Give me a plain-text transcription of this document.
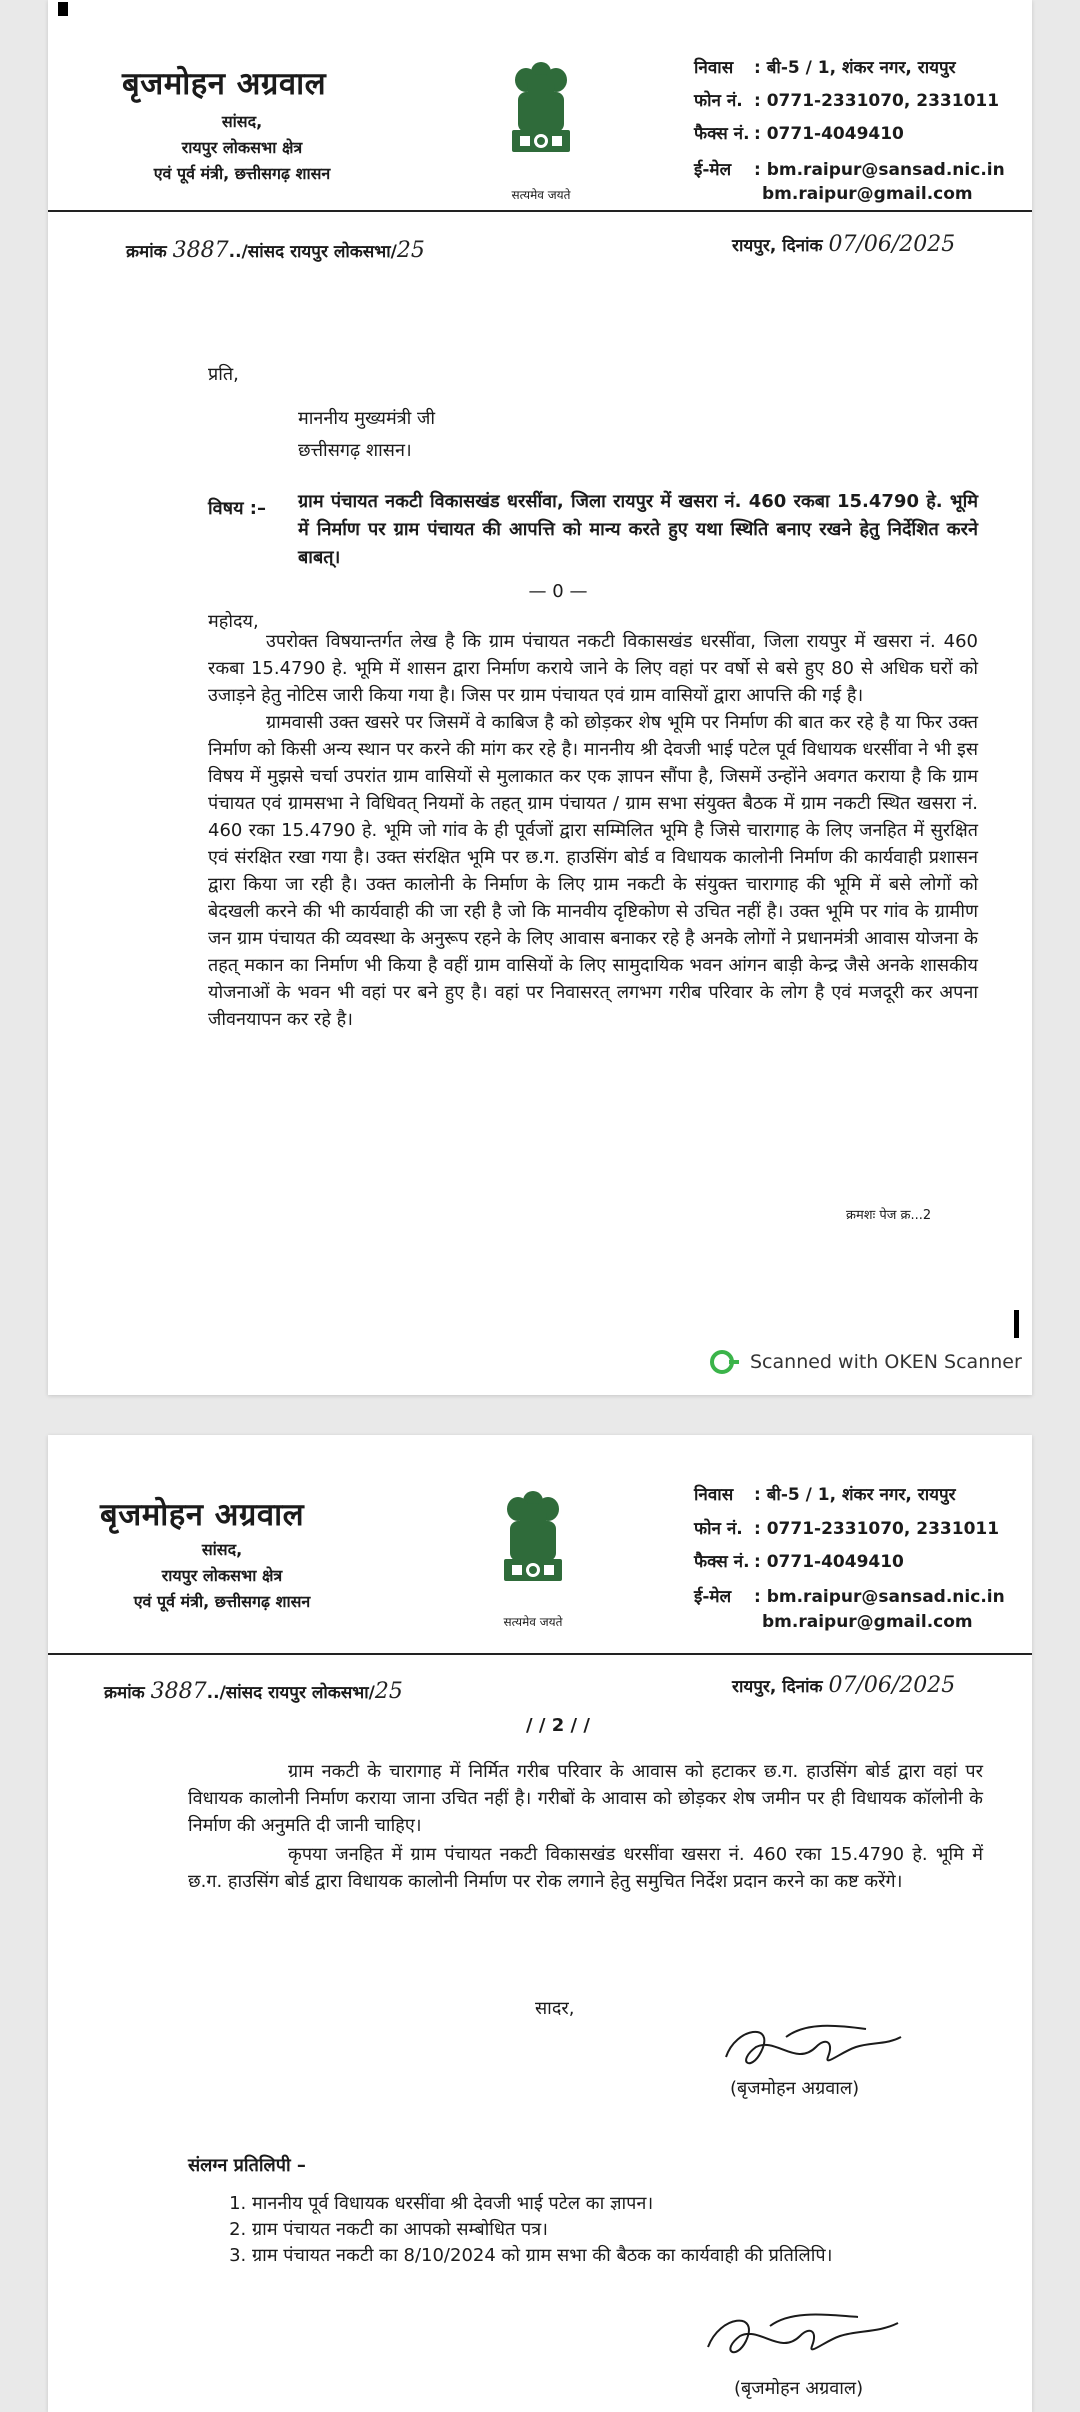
बृजमोहन अग्रवाल
सांसद,
रायपुर लोकसभा क्षेत्र
एवं पूर्व मंत्री, छत्तीसगढ़ शासन
सत्यमेव जयते
निवास : बी-5 / 1, शंकर नगर, रायपुर
फोन नं. : 0771-2331070, 2331011
फैक्स नं. : 0771-4049410
ई-मेल : bm.raipur@sansad.nic.in
bm.raipur@gmail.com
क्रमांक 3887../सांसद रायपुर लोकसभा/25	रायपुर, दिनांक 07/06/2025
प्रति,
माननीय मुख्यमंत्री जी
छत्तीसगढ़ शासन।
विषय :– ग्राम पंचायत नकटी विकासखंड धरसींवा, जिला रायपुर में खसरा नं. 460 रकबा 15.4790 हे. भूमि में निर्माण पर ग्राम पंचायत की आपत्ति को मान्य करते हुए यथा स्थिति बनाए रखने हेतु निर्देशित करने बाबत्।
— 0 —
महोदय,

उपरोक्त विषयान्तर्गत लेख है कि ग्राम पंचायत नकटी विकासखंड धरसींवा, जिला रायपुर में खसरा नं. 460 रकबा 15.4790 हे. भूमि में शासन द्वारा निर्माण कराये जाने के लिए वहां पर वर्षो से बसे हुए 80 से अधिक घरों को उजाड़ने हेतु नोटिस जारी किया गया है। जिस पर ग्राम पंचायत एवं ग्राम वासियों द्वारा आपत्ति की गई है।

ग्रामवासी उक्त खसरे पर जिसमें वे काबिज है को छोड़कर शेष भूमि पर निर्माण की बात कर रहे है या फिर उक्त निर्माण को किसी अन्य स्थान पर करने की मांग कर रहे है। माननीय श्री देवजी भाई पटेल पूर्व विधायक धरसींवा ने भी इस विषय में मुझसे चर्चा उपरांत ग्राम वासियों से मुलाकात कर एक ज्ञापन सौंपा है, जिसमें उन्होंने अवगत कराया है कि ग्राम पंचायत एवं ग्रामसभा ने विधिवत् नियमों के तहत् ग्राम पंचायत / ग्राम सभा संयुक्त बैठक में ग्राम नकटी स्थित खसरा नं. 460 रका 15.4790 हे. भूमि जो गांव के ही पूर्वजों द्वारा सम्मिलित भूमि है जिसे चारागाह के लिए जनहित में सुरक्षित एवं संरक्षित रखा गया है। उक्त संरक्षित भूमि पर छ.ग. हाउसिंग बोर्ड व विधायक कालोनी निर्माण की कार्यवाही प्रशासन द्वारा किया जा रही है। उक्त कालोनी के निर्माण के लिए ग्राम नकटी के संयुक्त चारागाह की भूमि में बसे लोगों को बेदखली करने की भी कार्यवाही की जा रही है जो कि मानवीय दृष्टिकोण से उचित नहीं है। उक्त भूमि पर गांव के ग्रामीण जन ग्राम पंचायत की व्यवस्था के अनुरूप रहने के लिए आवास बनाकर रहे है अनके लोगों ने प्रधानमंत्री आवास योजना के तहत् मकान का निर्माण भी किया है वहीं ग्राम वासियों के लिए सामुदायिक भवन आंगन बाड़ी केन्द्र जैसे अनके शासकीय योजनाओं के भवन भी वहां पर बने हुए है। वहां पर निवासरत् लगभग गरीब परिवार के लोग है एवं मजदूरी कर अपना जीवनयापन कर रहे है।

क्रमशः पेज क्र...2
Scanned with OKEN Scanner
बृजमोहन अग्रवाल
सांसद,
रायपुर लोकसभा क्षेत्र
एवं पूर्व मंत्री, छत्तीसगढ़ शासन
सत्यमेव जयते
निवास : बी-5 / 1, शंकर नगर, रायपुर
फोन नं. : 0771-2331070, 2331011
फैक्स नं. : 0771-4049410
ई-मेल : bm.raipur@sansad.nic.in
bm.raipur@gmail.com
क्रमांक 3887../सांसद रायपुर लोकसभा/25	रायपुर, दिनांक 07/06/2025
/ / 2 / /

ग्राम नकटी के चारागाह में निर्मित गरीब परिवार के आवास को हटाकर छ.ग. हाउसिंग बोर्ड द्वारा वहां पर विधायक कालोनी निर्माण कराया जाना उचित नहीं है। गरीबों के आवास को छोड़कर शेष जमीन पर ही विधायक कॉलोनी के निर्माण की अनुमति दी जानी चाहिए।

कृपया जनहित में ग्राम पंचायत नकटी विकासखंड धरसींवा खसरा नं. 460 रका 15.4790 हे. भूमि में छ.ग. हाउसिंग बोर्ड द्वारा विधायक कालोनी निर्माण पर रोक लगाने हेतु समुचित निर्देश प्रदान करने का कष्ट करेंगे।

सादर,
(बृजमोहन अग्रवाल)
संलग्न प्रतिलिपी –
1. माननीय पूर्व विधायक धरसींवा श्री देवजी भाई पटेल का ज्ञापन।
2. ग्राम पंचायत नकटी का आपको सम्बोधित पत्र।
3. ग्राम पंचायत नकटी का 8/10/2024 को ग्राम सभा की बैठक का कार्यवाही की प्रतिलिपि।
(बृजमोहन अग्रवाल)
